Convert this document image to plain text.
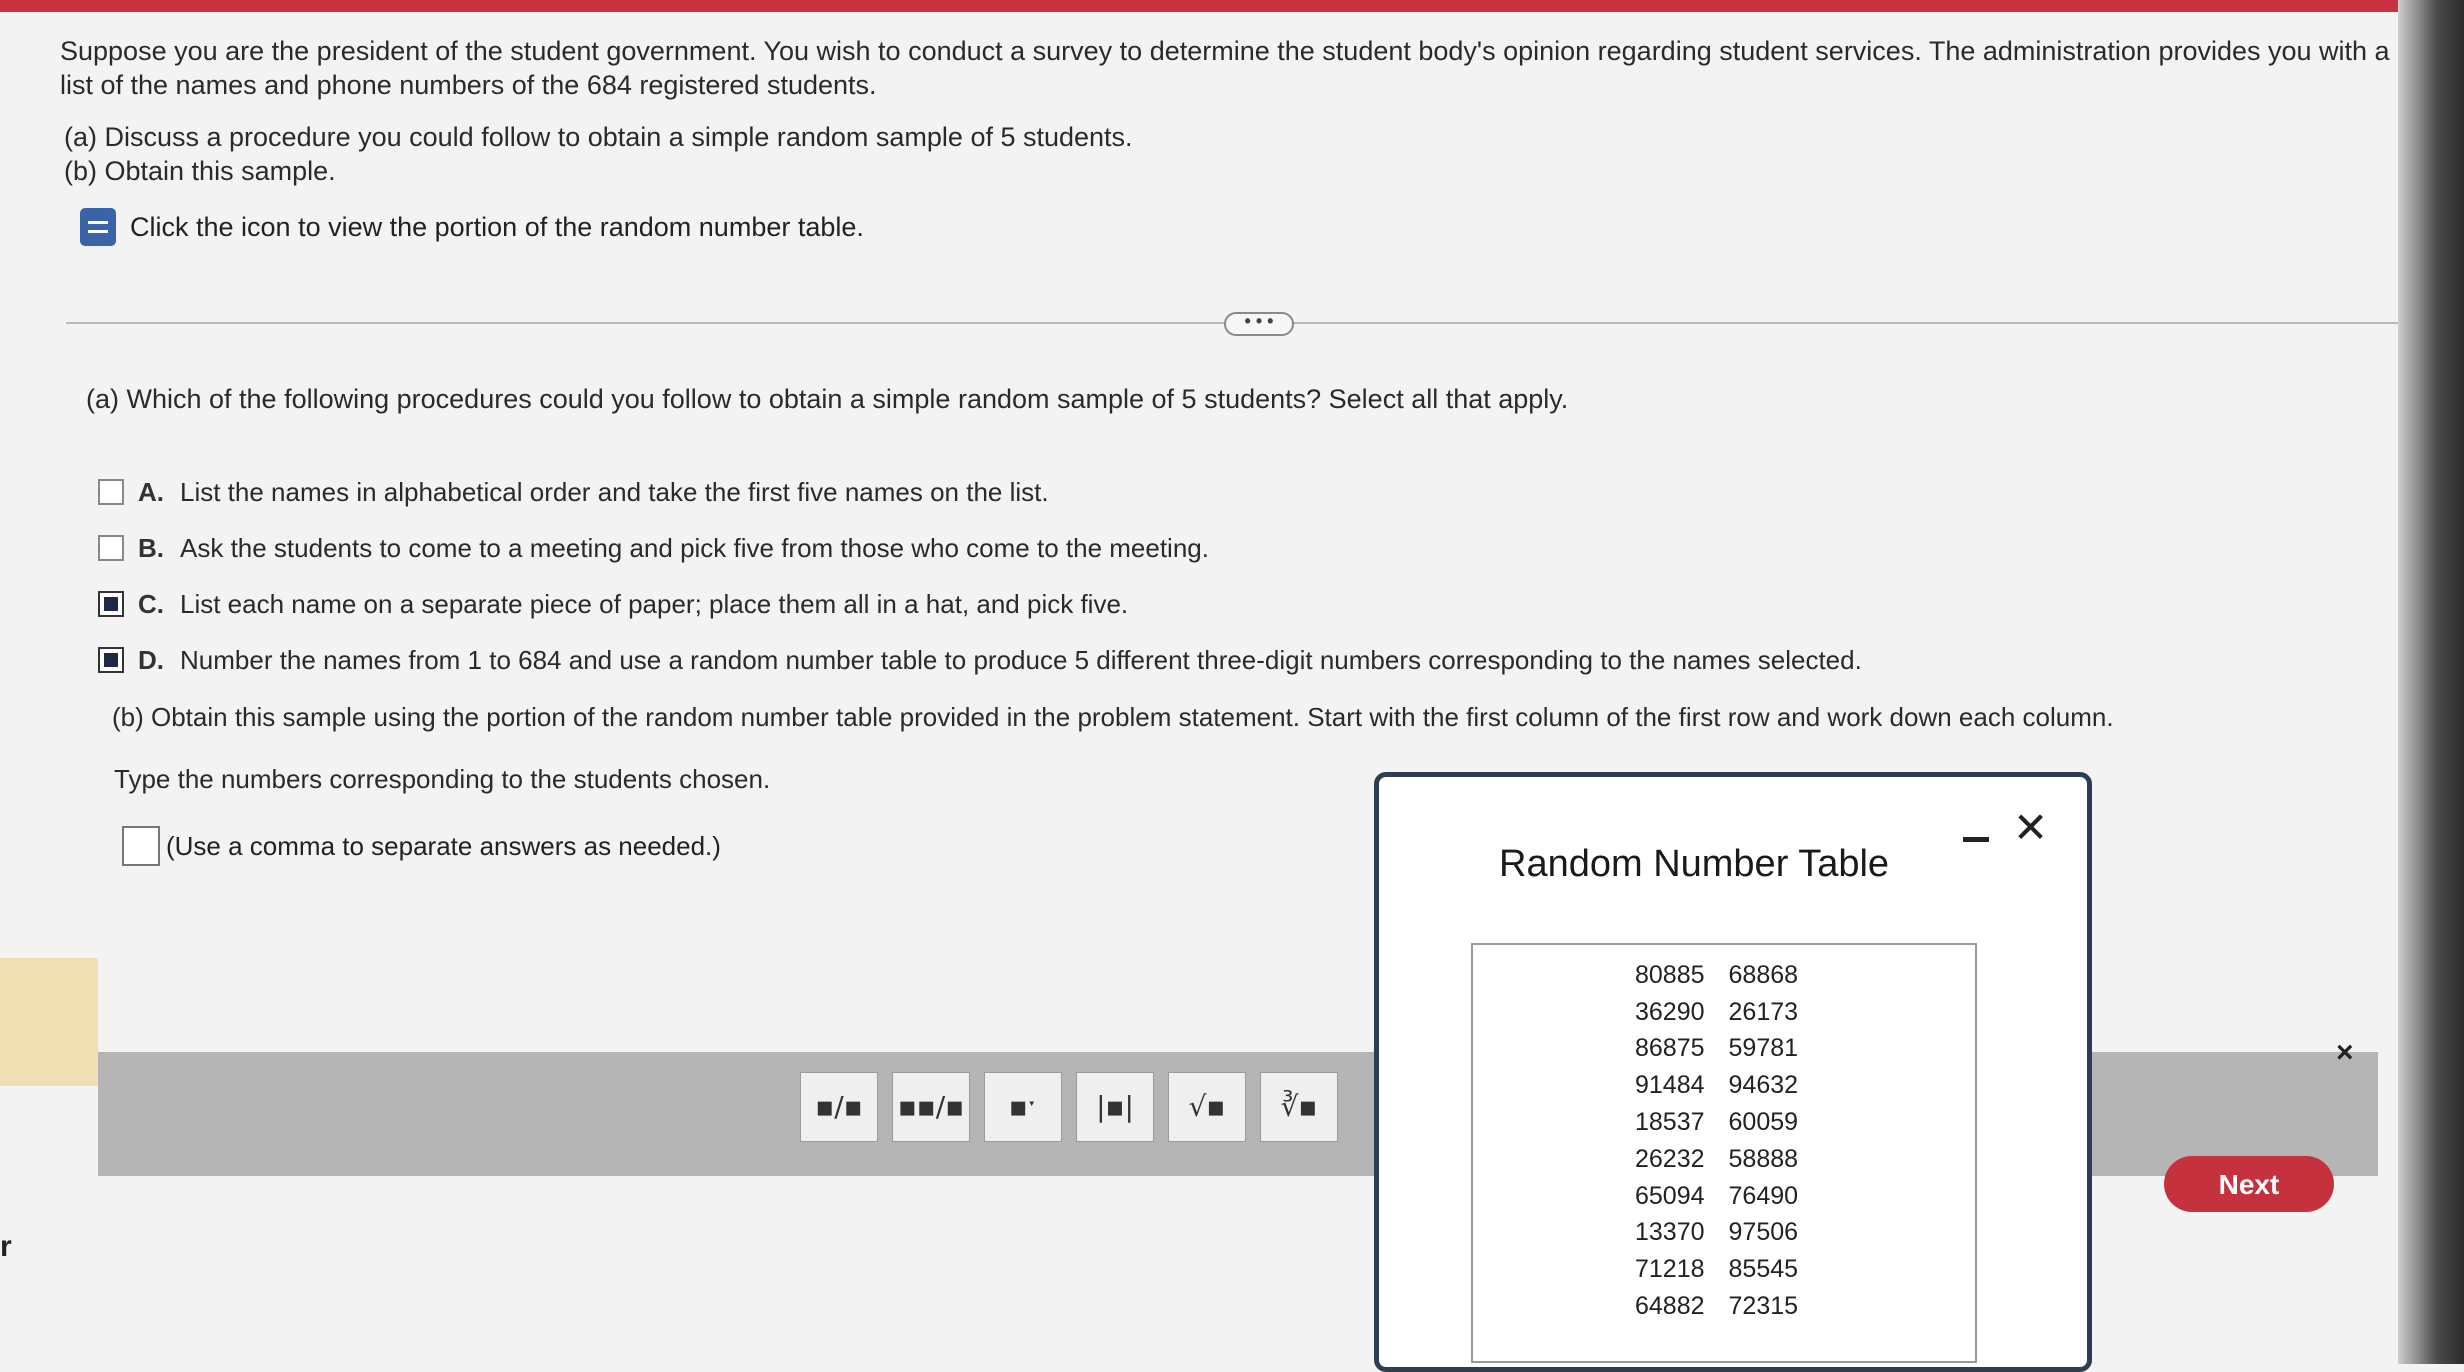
Suppose you are the president of the student government. You wish to conduct a survey to determine the student body's opinion regarding student services. The administration provides you with a list of the names and phone numbers of the 684 registered students.
(a) Discuss a procedure you could follow to obtain a simple random sample of 5 students.
(b) Obtain this sample.
Click the icon to view the portion of the random number table.
• • •
(a) Which of the following procedures could you follow to obtain a simple random sample of 5 students? Select all that apply.
A. List the names in alphabetical order and take the first five names on the list.
B. Ask the students to come to a meeting and pick five from those who come to the meeting.
C. List each name on a separate piece of paper; place them all in a hat, and pick five.
D. Number the names from 1 to 684 and use a random number table to produce 5 different three-digit numbers corresponding to the names selected.
(b) Obtain this sample using the portion of the random number table provided in the problem statement. Start with the first column of the first row and work down each column.
Type the numbers corresponding to the students chosen.
(Use a comma to separate answers as needed.)
▪/▪	▪▪/▪	▪ˑ	|▪|	√▪	∛▪
×
r
Next
Random Number Table
✕
80885	68868
36290	26173
86875	59781
91484	94632
18537	60059
26232	58888
65094	76490
13370	97506
71218	85545
64882	72315
